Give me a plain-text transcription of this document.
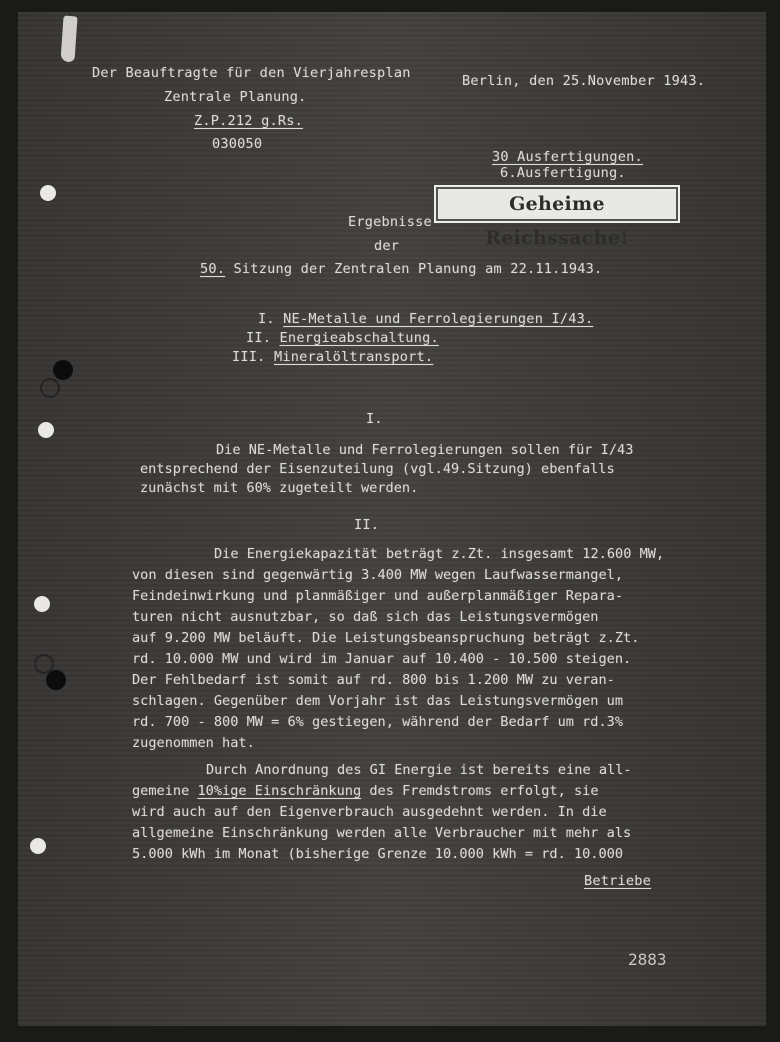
Der Beauftragte für den Vierjahresplan
Zentrale Planung.
Z.P.212 g.Rs.
030050
Berlin, den 25.November 1943.
30 Ausfertigungen.
6.Ausfertigung.
Geheime Reichssache!
Ergebnisse
der
50. Sitzung der Zentralen Planung am 22.11.1943.
I. NE-Metalle und Ferrolegierungen I/43.
II. Energieabschaltung.
III. Mineralöltransport.
I.
Die NE-Metalle und Ferrolegierungen sollen für I/43
entsprechend der Eisenzuteilung (vgl.49.Sitzung) ebenfalls
zunächst mit 60% zugeteilt werden.
II.
Die Energiekapazität beträgt z.Zt. insgesamt 12.600 MW,
von diesen sind gegenwärtig 3.400 MW wegen Laufwassermangel,
Feindeinwirkung und planmäßiger und außerplanmäßiger Repara-
turen nicht ausnutzbar, so daß sich das Leistungsvermögen
auf 9.200 MW beläuft. Die Leistungsbeanspruchung beträgt z.Zt.
rd. 10.000 MW und wird im Januar auf 10.400 - 10.500 steigen.
Der Fehlbedarf ist somit auf rd. 800 bis 1.200 MW zu veran-
schlagen. Gegenüber dem Vorjahr ist das Leistungsvermögen um
rd. 700 - 800 MW = 6% gestiegen, während der Bedarf um rd.3%
zugenommen hat.
Durch Anordnung des GI Energie ist bereits eine all-
gemeine 10%ige Einschränkung des Fremdstroms erfolgt, sie
wird auch auf den Eigenverbrauch ausgedehnt werden. In die
allgemeine Einschränkung werden alle Verbraucher mit mehr als
5.000 kWh im Monat (bisherige Grenze 10.000 kWh = rd. 10.000
Betriebe
2883
